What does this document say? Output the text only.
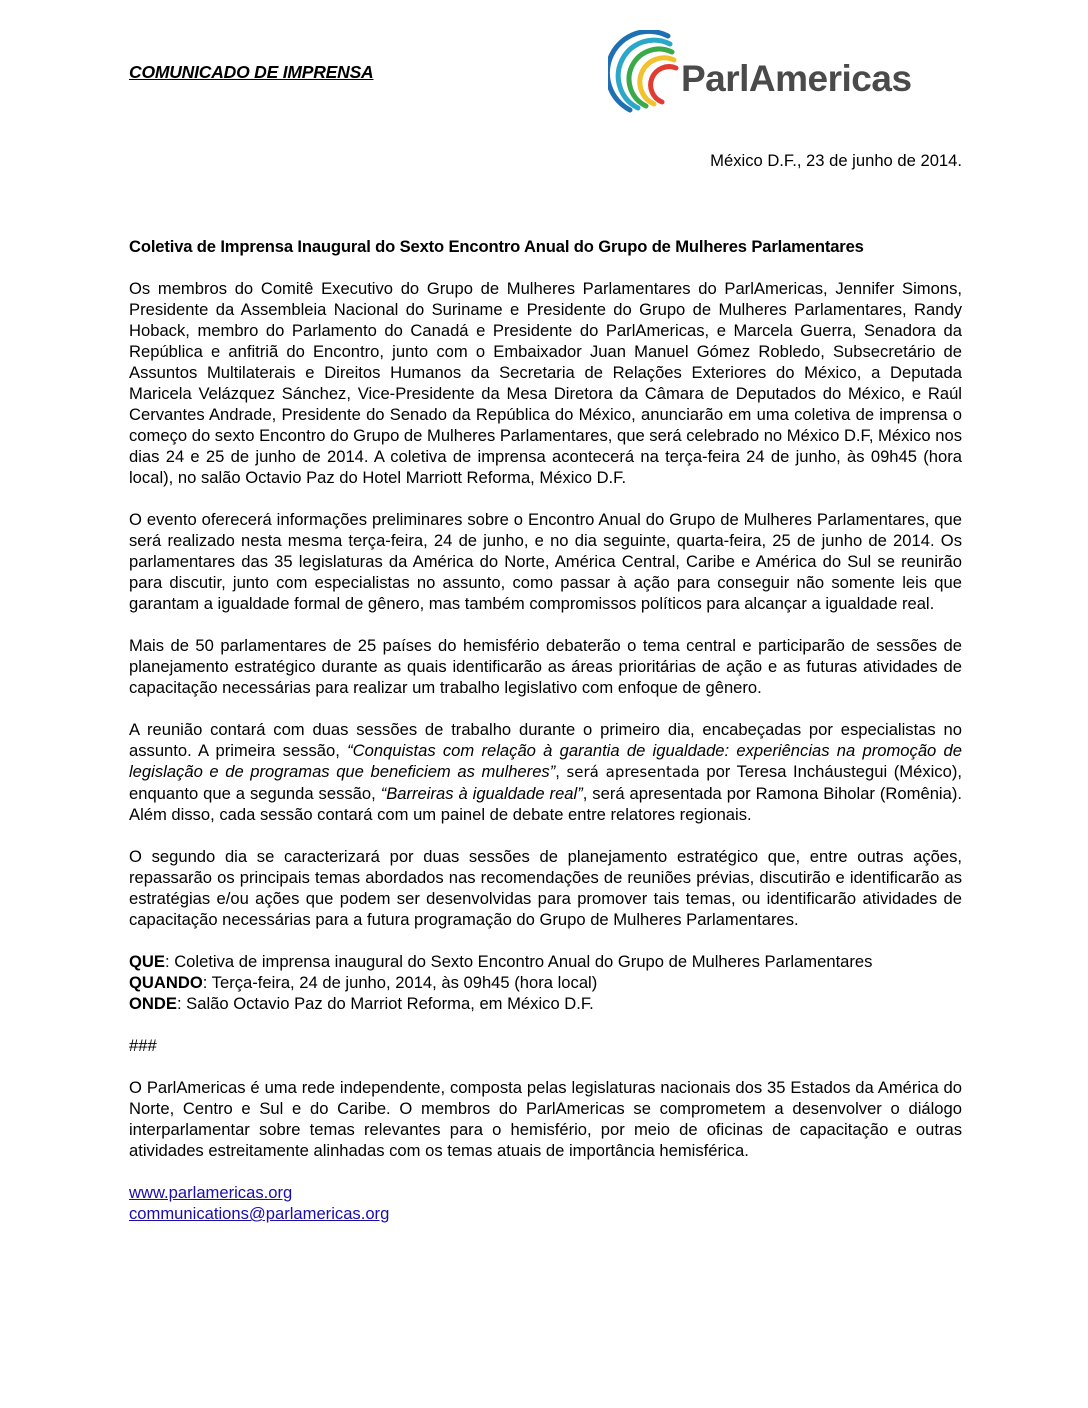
COMUNICADO DE IMPRENSA	ParlAmericas
México D.F., 23 de junho de 2014.
Coletiva de Imprensa Inaugural do Sexto Encontro Anual do Grupo de Mulheres Parlamentares

Os membros do Comitê Executivo do Grupo de Mulheres Parlamentares do ParlAmericas, Jennifer Simons, Presidente da Assembleia Nacional do Suriname e Presidente do Grupo de Mulheres Parlamentares, Randy Hoback, membro do Parlamento do Canadá e Presidente do ParlAmericas, e Marcela Guerra, Senadora da República e anfitriã do Encontro, junto com o Embaixador Juan Manuel Gómez Robledo, Subsecretário de Assuntos Multilaterais e Direitos Humanos da Secretaria de Relações Exteriores do México, a Deputada Maricela Velázquez Sánchez, Vice-Presidente da Mesa Diretora da Câmara de Deputados do México, e Raúl Cervantes Andrade, Presidente do Senado da República do México, anunciarão em uma coletiva de imprensa o começo do sexto Encontro do Grupo de Mulheres Parlamentares, que será celebrado no México D.F, México nos dias 24 e 25 de junho de 2014. A coletiva de imprensa acontecerá na terça-feira 24 de junho, às 09h45 (hora local), no salão Octavio Paz do Hotel Marriott Reforma, México D.F.

O evento oferecerá informações preliminares sobre o Encontro Anual do Grupo de Mulheres Parlamentares, que será realizado nesta mesma terça-feira, 24 de junho, e no dia seguinte, quarta-feira, 25 de junho de 2014. Os parlamentares das 35 legislaturas da América do Norte, América Central, Caribe e América do Sul se reunirão para discutir, junto com especialistas no assunto, como passar à ação para conseguir não somente leis que garantam a igualdade formal de gênero, mas também compromissos políticos para alcançar a igualdade real.

Mais de 50 parlamentares de 25 países do hemisfério debaterão o tema central e participarão de sessões de planejamento estratégico durante as quais identificarão as áreas prioritárias de ação e as futuras atividades de capacitação necessárias para realizar um trabalho legislativo com enfoque de gênero.

A reunião contará com duas sessões de trabalho durante o primeiro dia, encabeçadas por especialistas no assunto. A primeira sessão, “Conquistas com relação à garantia de igualdade: experiências na promoção de legislação e de programas que beneficiem as mulheres”, será apresentada por Teresa Incháustegui (México), enquanto que a segunda sessão, “Barreiras à igualdade real”, será apresentada por Ramona Biholar (Romênia). Além disso, cada sessão contará com um painel de debate entre relatores regionais.

O segundo dia se caracterizará por duas sessões de planejamento estratégico que, entre outras ações, repassarão os principais temas abordados nas recomendações de reuniões prévias, discutirão e identificarão as estratégias e/ou ações que podem ser desenvolvidas para promover tais temas, ou identificarão atividades de capacitação necessárias para a futura programação do Grupo de Mulheres Parlamentares.

QUE: Coletiva de imprensa inaugural do Sexto Encontro Anual do Grupo de Mulheres Parlamentares
QUANDO: Terça-feira, 24 de junho, 2014, às 09h45 (hora local)
ONDE: Salão Octavio Paz do Marriot Reforma, em México D.F.
###

O ParlAmericas é uma rede independente, composta pelas legislaturas nacionais dos 35 Estados da América do Norte, Centro e Sul e do Caribe. O membros do ParlAmericas se comprometem a desenvolver o diálogo interparlamentar sobre temas relevantes para o hemisfério, por meio de oficinas de capacitação e outras atividades estreitamente alinhadas com os temas atuais de importância hemisférica.

www.parlamericas.org
communications@parlamericas.org
